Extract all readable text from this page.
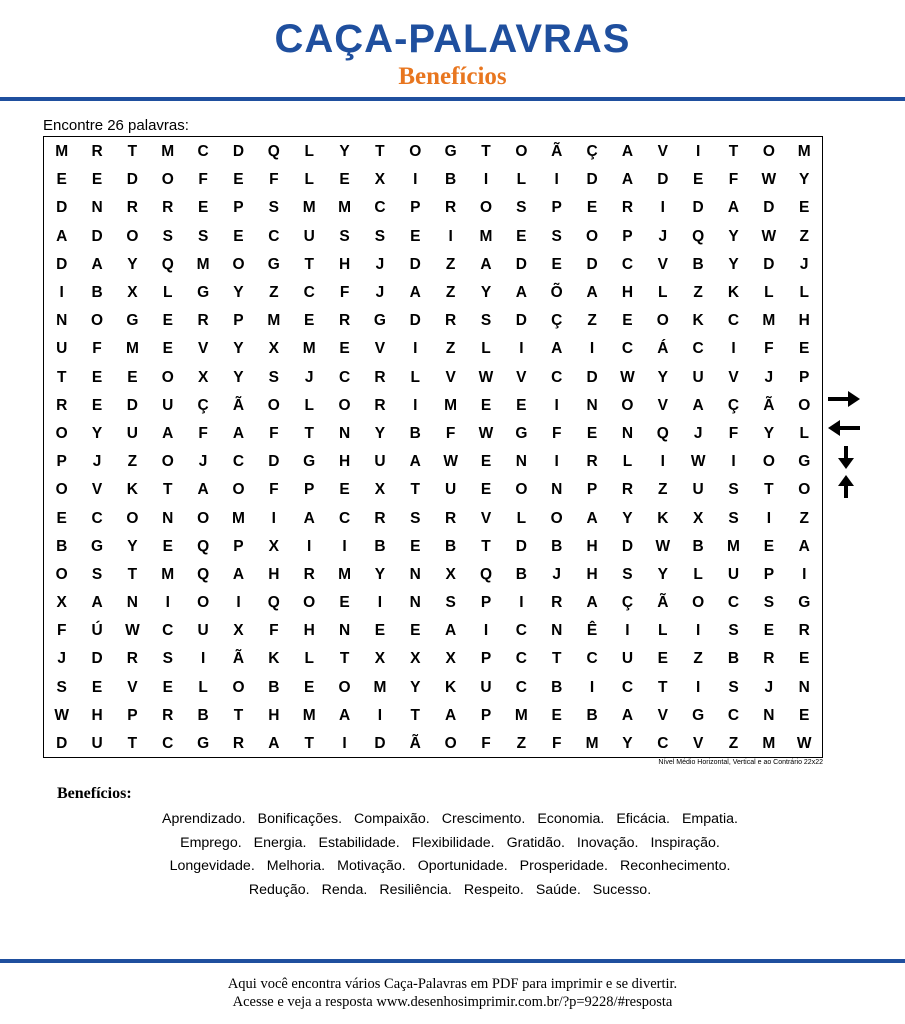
CAÇA-PALAVRAS
Benefícios
Encontre 26 palavras:
M	R	T	M	C	D	Q	L	Y	T	O	G	T	O	Ã	Ç	A	V	I	T	O	M
E	E	D	O	F	E	F	L	E	X	I	B	I	L	I	D	A	D	E	F	W	Y
D	N	R	R	E	P	S	M	M	C	P	R	O	S	P	E	R	I	D	A	D	E
A	D	O	S	S	E	C	U	S	S	E	I	M	E	S	O	P	J	Q	Y	W	Z
D	A	Y	Q	M	O	G	T	H	J	D	Z	A	D	E	D	C	V	B	Y	D	J
I	B	X	L	G	Y	Z	C	F	J	A	Z	Y	A	Õ	A	H	L	Z	K	L	L
N	O	G	E	R	P	M	E	R	G	D	R	S	D	Ç	Z	E	O	K	C	M	H
U	F	M	E	V	Y	X	M	E	V	I	Z	L	I	A	I	C	Á	C	I	F	E
T	E	E	O	X	Y	S	J	C	R	L	V	W	V	C	D	W	Y	U	V	J	P
R	E	D	U	Ç	Ã	O	L	O	R	I	M	E	E	I	N	O	V	A	Ç	Ã	O
O	Y	U	A	F	A	F	T	N	Y	B	F	W	G	F	E	N	Q	J	F	Y	L
P	J	Z	O	J	C	D	G	H	U	A	W	E	N	I	R	L	I	W	I	O	G
O	V	K	T	A	O	F	P	E	X	T	U	E	O	N	P	R	Z	U	S	T	O
E	C	O	N	O	M	I	A	C	R	S	R	V	L	O	A	Y	K	X	S	I	Z
B	G	Y	E	Q	P	X	I	I	B	E	B	T	D	B	H	D	W	B	M	E	A
O	S	T	M	Q	A	H	R	M	Y	N	X	Q	B	J	H	S	Y	L	U	P	I
X	A	N	I	O	I	Q	O	E	I	N	S	P	I	R	A	Ç	Ã	O	C	S	G
F	Ú	W	C	U	X	F	H	N	E	E	A	I	C	N	Ê	I	L	I	S	E	R
J	D	R	S	I	Ã	K	L	T	X	X	X	P	C	T	C	U	E	Z	B	R	E
S	E	V	E	L	O	B	E	O	M	Y	K	U	C	B	I	C	T	I	S	J	N
W	H	P	R	B	T	H	M	A	I	T	A	P	M	E	B	A	V	G	C	N	E
D	U	T	C	G	R	A	T	I	D	Ã	O	F	Z	F	M	Y	C	V	Z	M	W
Nível Médio Horizontal, Vertical e ao Contrário 22x22
Benefícios:
Aprendizado. Bonificações. Compaixão. Crescimento. Economia. Eficácia. Empatia.
Emprego. Energia. Estabilidade. Flexibilidade. Gratidão. Inovação. Inspiração.
Longevidade. Melhoria. Motivação. Oportunidade. Prosperidade. Reconhecimento.
Redução. Renda. Resiliência. Respeito. Saúde. Sucesso.
Aqui você encontra vários Caça-Palavras em PDF para imprimir e se divertir.
Acesse e veja a resposta www.desenhosimprimir.com.br/?p=9228/#resposta
